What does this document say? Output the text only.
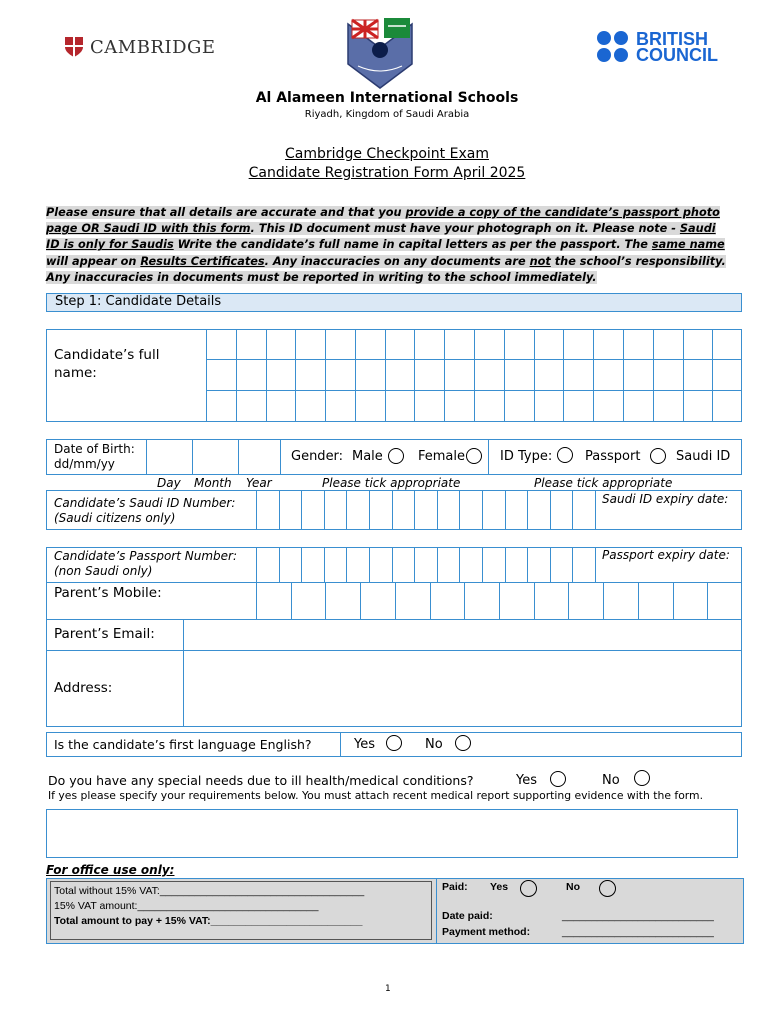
CAMBRIDGE	BRITISH
COUNCIL
Al Alameen International Schools
Riyadh, Kingdom of Saudi Arabia
Cambridge Checkpoint Exam
Candidate Registration Form April 2025
Please ensure that all details are accurate and that you provide a copy of the candidate’s passport photo page OR Saudi ID with this form. This ID document must have your photograph on it. Please note - Saudi ID is only for Saudis Write the candidate’s full name in capital letters as per the passport. The same name will appear on Results Certificates. Any inaccuracies on any documents are not the school’s responsibility. Any inaccuracies in documents must be reported in writing to the school immediately.
Step 1: Candidate Details
Candidate’s full name:
Date of Birth: dd/mm/yy	Gender: Male	Female	ID Type:	Passport	Saudi ID
Day Month Year	Please tick appropriate	Please tick appropriate
Candidate’s Saudi ID Number:
(Saudi citizens only)
Saudi ID expiry date:
Candidate’s Passport Number:
(non Saudi only)
Passport expiry date:
Parent’s Mobile:
Parent’s Email:
Address:
Is the candidate’s first language English?	Yes	No
Do you have any special needs due to ill health/medical conditions?	Yes	No
If yes please specify your requirements below. You must attach recent medical report supporting evidence with the form.
For office use only:
Total without 15% VAT:___________________________________
15% VAT amount:_______________________________
Total amount to pay + 15% VAT:__________________________
Paid: Yes	No
Date paid:	__________________________
Payment method:	__________________________
1
